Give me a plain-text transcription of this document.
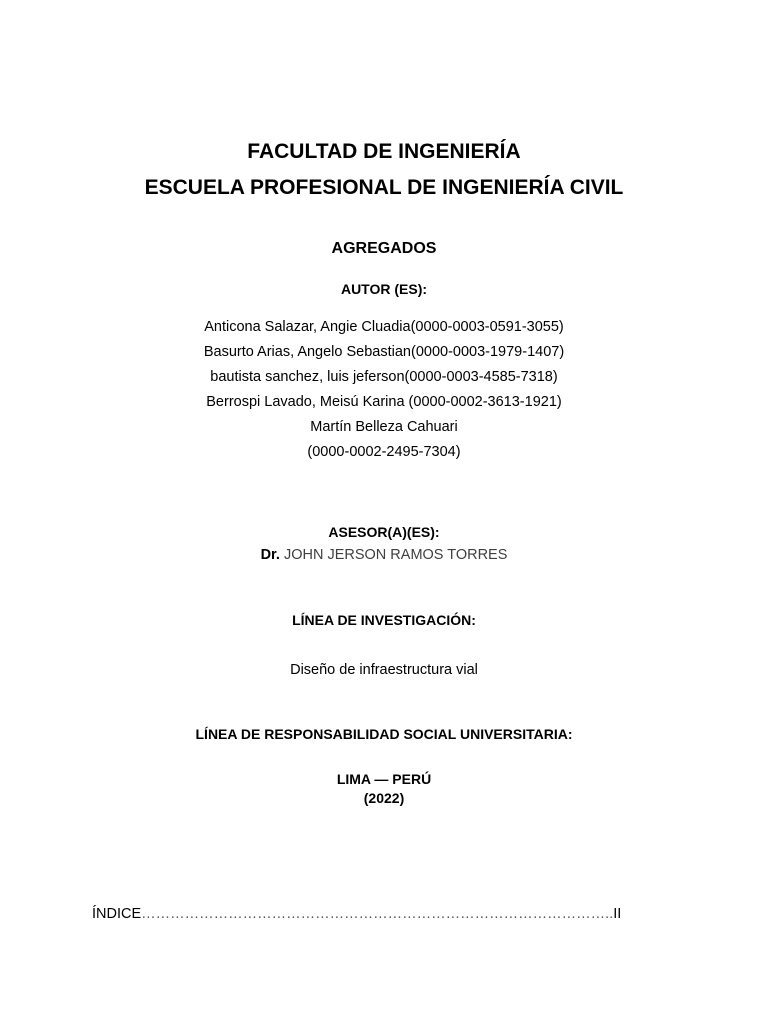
FACULTAD DE INGENIERÍA
ESCUELA PROFESIONAL DE INGENIERÍA CIVIL
AGREGADOS
AUTOR (ES):
Anticona Salazar, Angie Cluadia(0000-0003-0591-3055)
Basurto Arias, Angelo Sebastian(0000-0003-1979-1407)
bautista sanchez, luis jeferson(0000-0003-4585-7318)
Berrospi Lavado, Meisú Karina (0000-0002-3613-1921)
Martín Belleza Cahuari
(0000-0002-2495-7304)
ASESOR(A)(ES):
Dr. JOHN JERSON RAMOS TORRES
LÍNEA DE INVESTIGACIÓN:
Diseño de infraestructura vial
LÍNEA DE RESPONSABILIDAD SOCIAL UNIVERSITARIA:
LIMA — PERÚ
(2022)
ÍNDICE……………………………………………………………………………………..II
